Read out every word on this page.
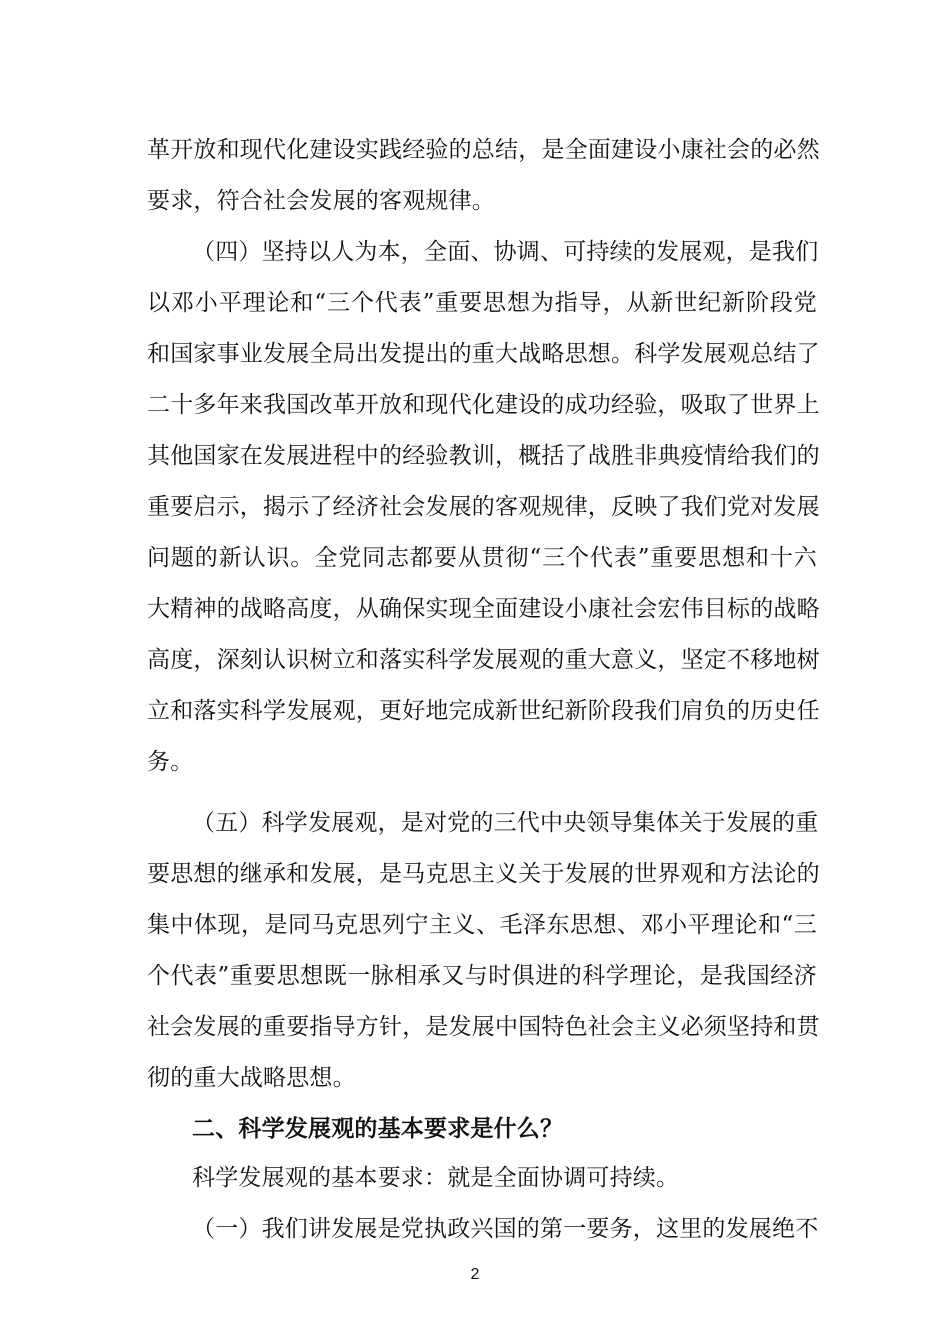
革开放和现代化建设实践经验的总结，是全面建设小康社会的必然
要求，符合社会发展的客观规律。
（四）坚持以人为本，全面、协调、可持续的发展观，是我们
以邓小平理论和“三个代表”重要思想为指导，从新世纪新阶段党
和国家事业发展全局出发提出的重大战略思想。科学发展观总结了
二十多年来我国改革开放和现代化建设的成功经验，吸取了世界上
其他国家在发展进程中的经验教训，概括了战胜非典疫情给我们的
重要启示，揭示了经济社会发展的客观规律，反映了我们党对发展
问题的新认识。全党同志都要从贯彻“三个代表”重要思想和十六
大精神的战略高度，从确保实现全面建设小康社会宏伟目标的战略
高度，深刻认识树立和落实科学发展观的重大意义，坚定不移地树
立和落实科学发展观，更好地完成新世纪新阶段我们肩负的历史任
务。
（五）科学发展观，是对党的三代中央领导集体关于发展的重
要思想的继承和发展，是马克思主义关于发展的世界观和方法论的
集中体现，是同马克思列宁主义、毛泽东思想、邓小平理论和“三
个代表”重要思想既一脉相承又与时俱进的科学理论，是我国经济
社会发展的重要指导方针，是发展中国特色社会主义必须坚持和贯
彻的重大战略思想。
二、科学发展观的基本要求是什么？
科学发展观的基本要求：就是全面协调可持续。
（一）我们讲发展是党执政兴国的第一要务，这里的发展绝不
2
